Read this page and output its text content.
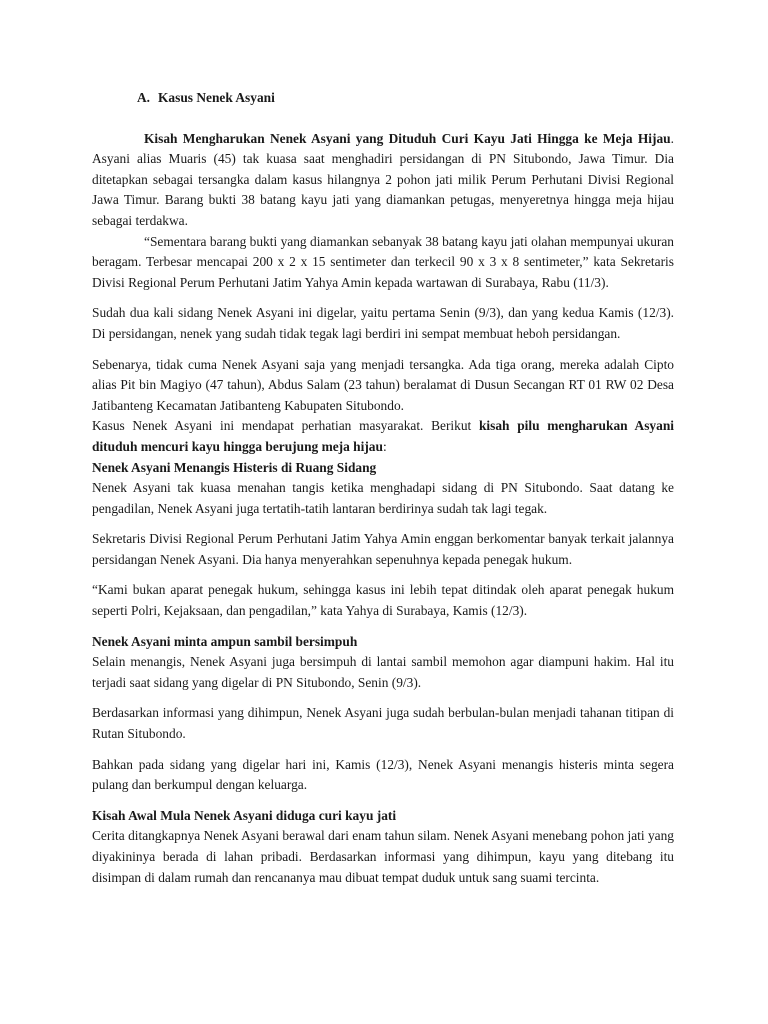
A. Kasus Nenek Asyani

Kisah Mengharukan Nenek Asyani yang Dituduh Curi Kayu Jati Hingga ke Meja Hijau. Asyani alias Muaris (45) tak kuasa saat menghadiri persidangan di PN Situbondo, Jawa Timur. Dia ditetapkan sebagai tersangka dalam kasus hilangnya 2 pohon jati milik Perum Perhutani Divisi Regional Jawa Timur. Barang bukti 38 batang kayu jati yang diamankan petugas, menyeretnya hingga meja hijau sebagai terdakwa.

“Sementara barang bukti yang diamankan sebanyak 38 batang kayu jati olahan mempunyai ukuran beragam. Terbesar mencapai 200 x 2 x 15 sentimeter dan terkecil 90 x 3 x 8 sentimeter,” kata Sekretaris Divisi Regional Perum Perhutani Jatim Yahya Amin kepada wartawan di Surabaya, Rabu (11/3).

Sudah dua kali sidang Nenek Asyani ini digelar, yaitu pertama Senin (9/3), dan yang kedua Kamis (12/3). Di persidangan, nenek yang sudah tidak tegak lagi berdiri ini sempat membuat heboh persidangan.

Sebenarya, tidak cuma Nenek Asyani saja yang menjadi tersangka. Ada tiga orang, mereka adalah Cipto alias Pit bin Magiyo (47 tahun), Abdus Salam (23 tahun) beralamat di Dusun Secangan RT 01 RW 02 Desa Jatibanteng Kecamatan Jatibanteng Kabupaten Situbondo.

Kasus Nenek Asyani ini mendapat perhatian masyarakat. Berikut kisah pilu mengharukan Asyani dituduh mencuri kayu hingga berujung meja hijau:

Nenek Asyani Menangis Histeris di Ruang Sidang

Nenek Asyani tak kuasa menahan tangis ketika menghadapi sidang di PN Situbondo. Saat datang ke pengadilan, Nenek Asyani juga tertatih-tatih lantaran berdirinya sudah tak lagi tegak.

Sekretaris Divisi Regional Perum Perhutani Jatim Yahya Amin enggan berkomentar banyak terkait jalannya persidangan Nenek Asyani. Dia hanya menyerahkan sepenuhnya kepada penegak hukum.

“Kami bukan aparat penegak hukum, sehingga kasus ini lebih tepat ditindak oleh aparat penegak hukum seperti Polri, Kejaksaan, dan pengadilan,” kata Yahya di Surabaya, Kamis (12/3).

Nenek Asyani minta ampun sambil bersimpuh

Selain menangis, Nenek Asyani juga bersimpuh di lantai sambil memohon agar diampuni hakim. Hal itu terjadi saat sidang yang digelar di PN Situbondo, Senin (9/3).

Berdasarkan informasi yang dihimpun, Nenek Asyani juga sudah berbulan-bulan menjadi tahanan titipan di Rutan Situbondo.

Bahkan pada sidang yang digelar hari ini, Kamis (12/3), Nenek Asyani menangis histeris minta segera pulang dan berkumpul dengan keluarga.

Kisah Awal Mula Nenek Asyani diduga curi kayu jati

Cerita ditangkapnya Nenek Asyani berawal dari enam tahun silam. Nenek Asyani menebang pohon jati yang diyakininya berada di lahan pribadi. Berdasarkan informasi yang dihimpun, kayu yang ditebang itu disimpan di dalam rumah dan rencananya mau dibuat tempat duduk untuk sang suami tercinta.
